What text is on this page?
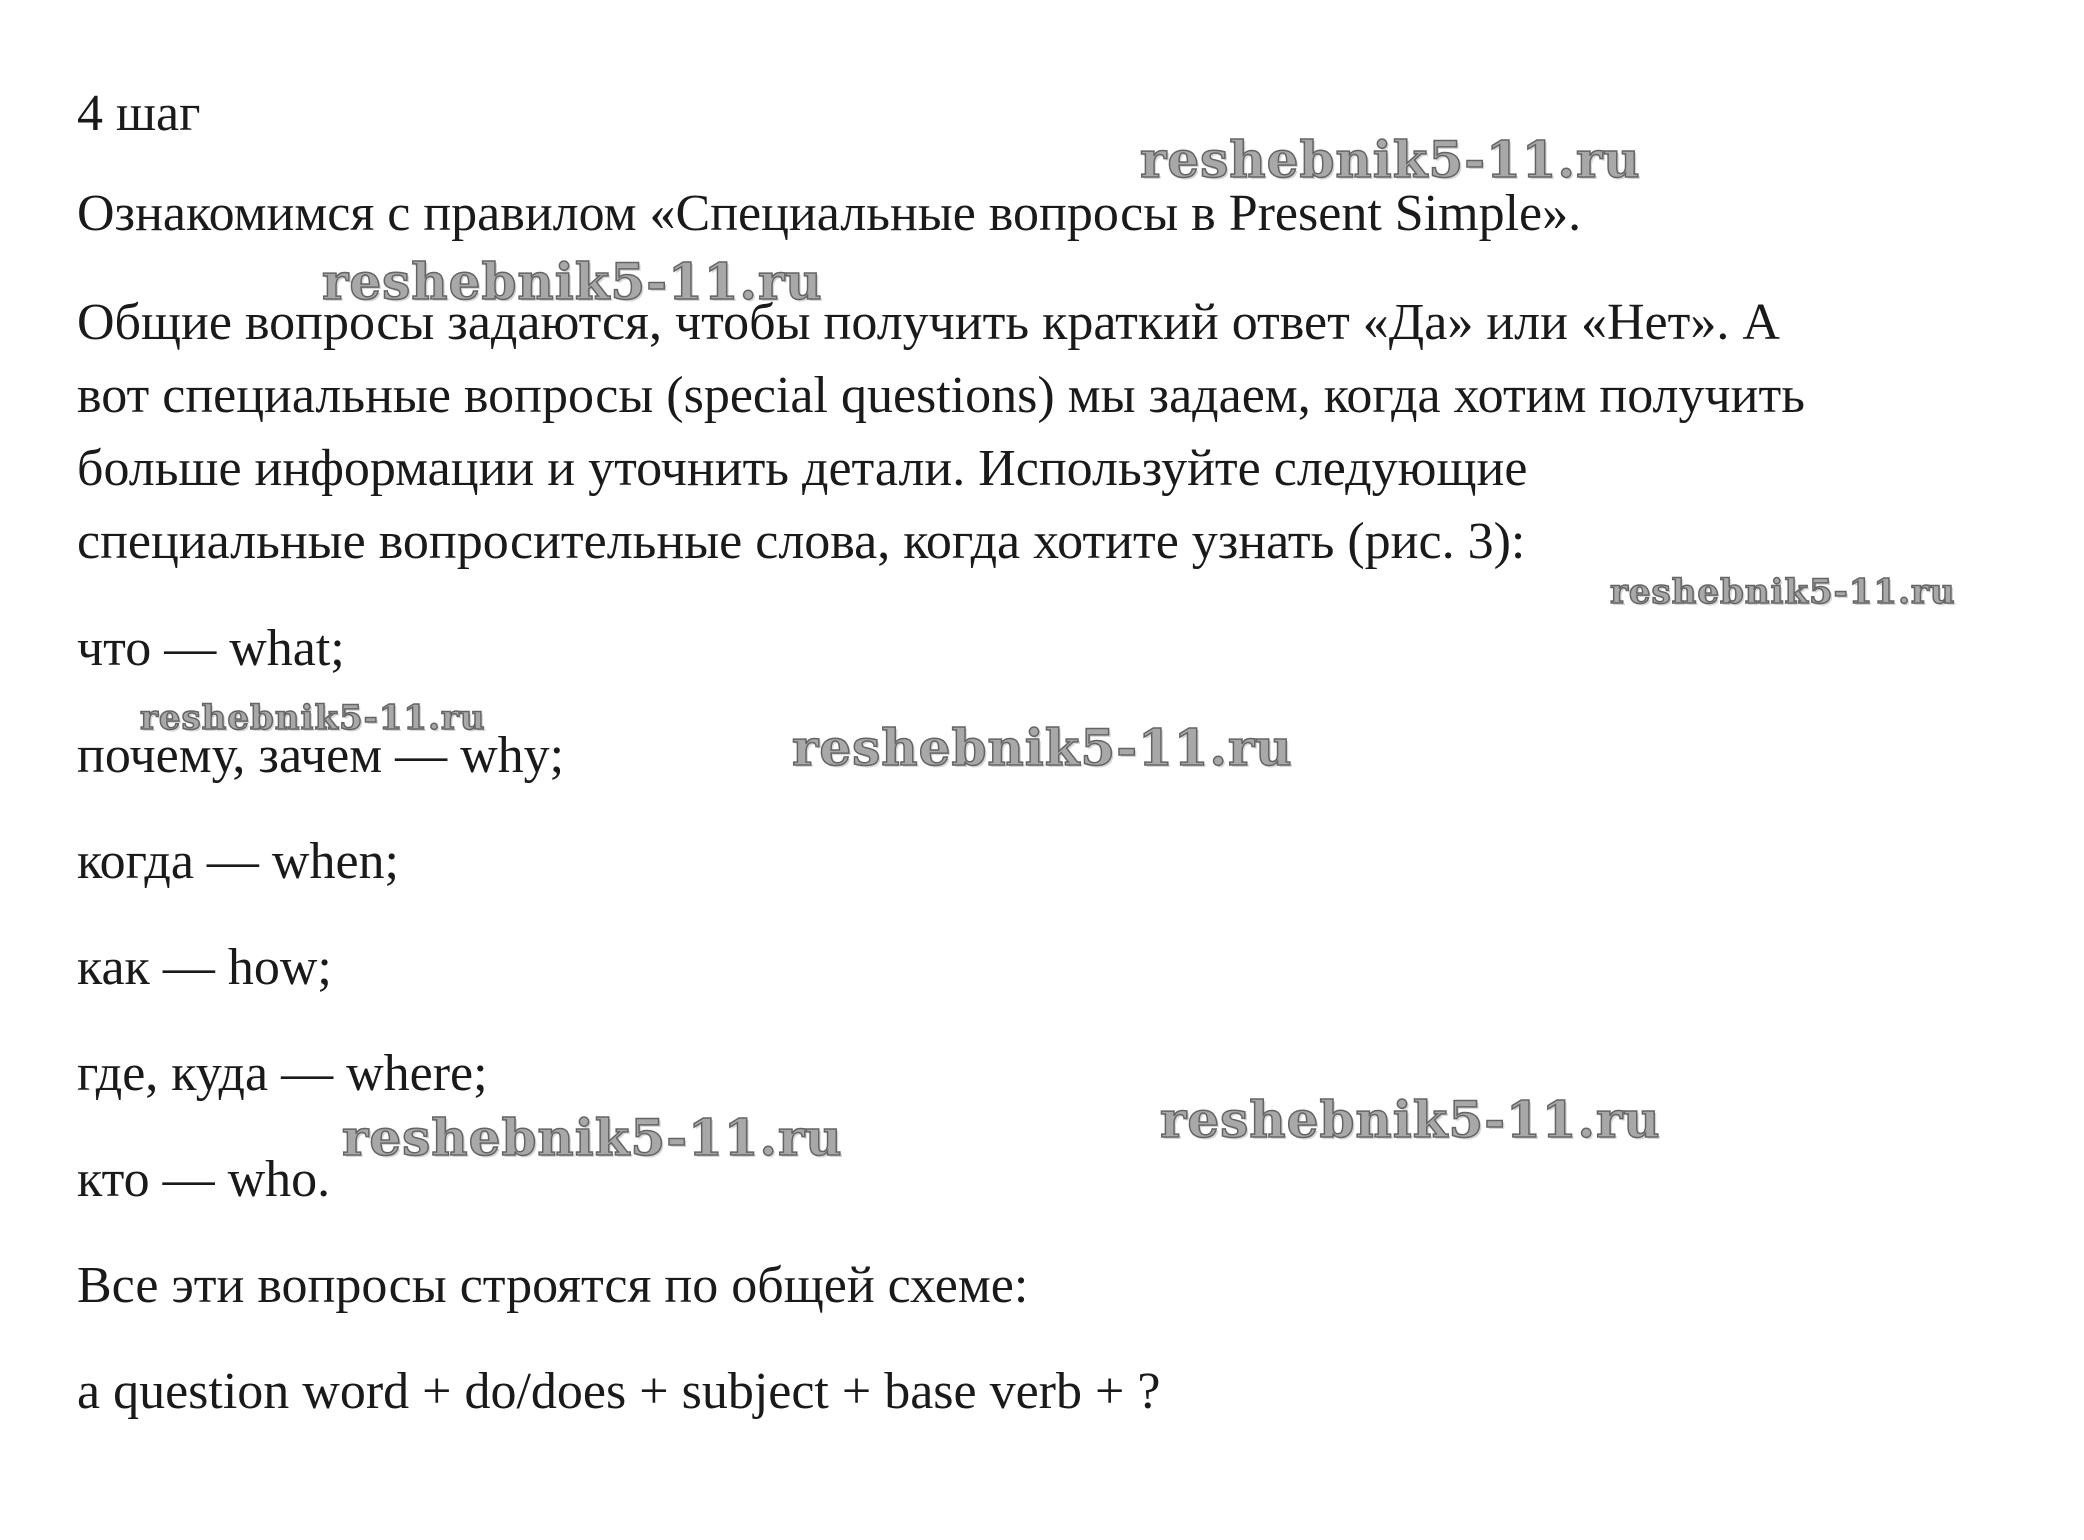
4 шаг

Ознакомимся с правилом «Специальные вопросы в Present Simple».

Общие вопросы задаются, чтобы получить краткий ответ «Да» или «Нет». А

вот специальные вопросы (special questions) мы задаем, когда хотим получить

больше информации и уточнить детали. Используйте следующие

специальные вопросительные слова, когда хотите узнать (рис. 3):

что — what;

почему, зачем — why;

когда — when;

как — how;

где, куда — where;

кто — who.

Все эти вопросы строятся по общей схеме:

a question word + do/does + subject + base verb + ?

reshebnik5-11.ru
reshebnik5-11.ru
reshebnik5-11.ru
reshebnik5-11.ru	reshebnik5-11.ru
reshebnik5-11.ru	reshebnik5-11.ru
